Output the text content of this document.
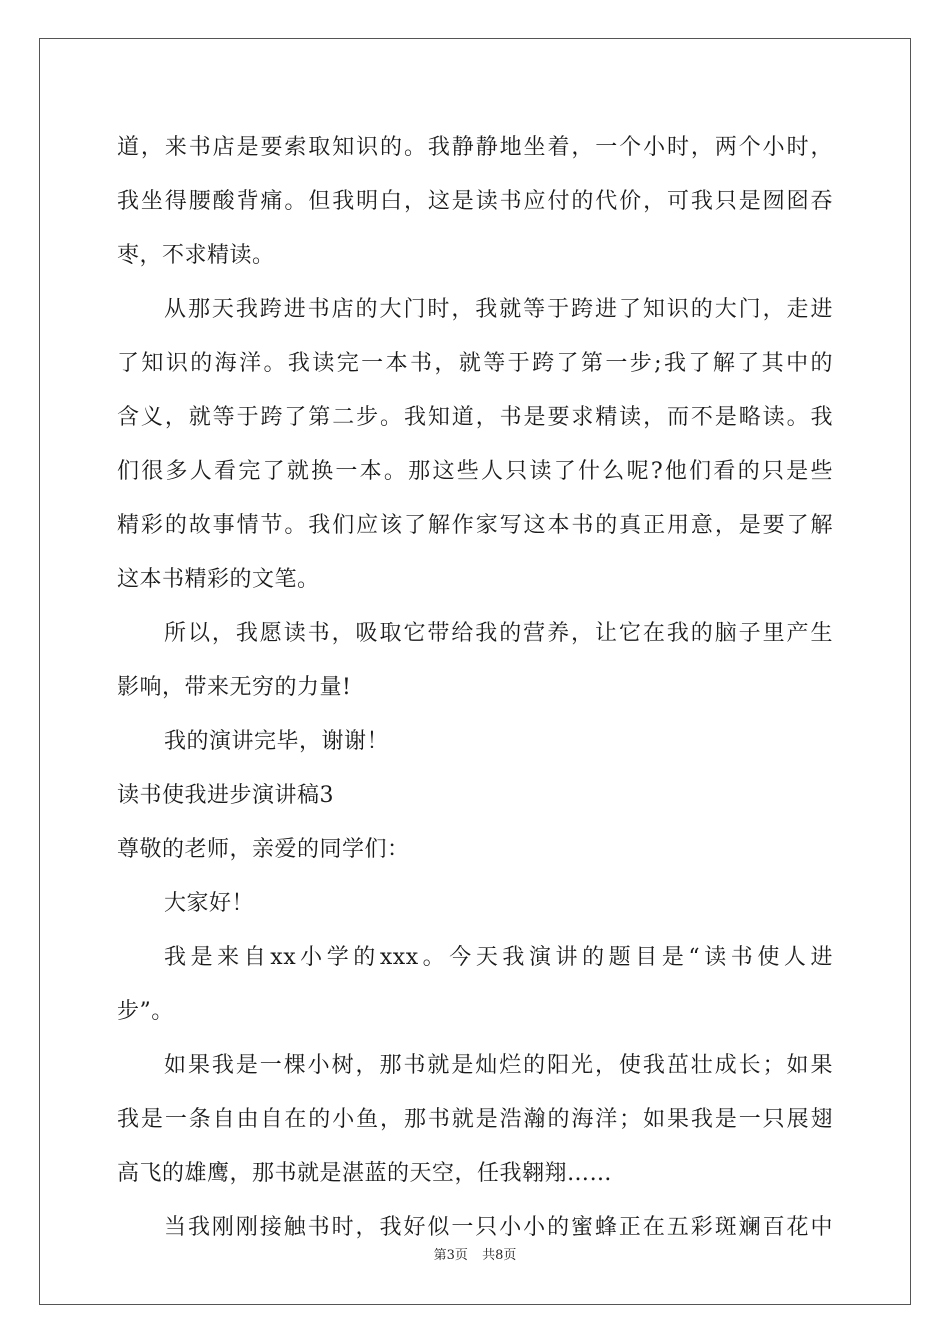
道，来书店是要索取知识的。我静静地坐着，一个小时，两个小时，
我坐得腰酸背痛。但我明白，这是读书应付的代价，可我只是囫囵吞
枣，不求精读。
从那天我跨进书店的大门时，我就等于跨进了知识的大门，走进
了知识的海洋。我读完一本书，就等于跨了第一步;我了解了其中的
含义，就等于跨了第二步。我知道，书是要求精读，而不是略读。我
们很多人看完了就换一本。那这些人只读了什么呢?他们看的只是些
精彩的故事情节。我们应该了解作家写这本书的真正用意，是要了解
这本书精彩的文笔。
所以，我愿读书，吸取它带给我的营养，让它在我的脑子里产生
影响，带来无穷的力量!
我的演讲完毕，谢谢！
读书使我进步演讲稿3
尊敬的老师，亲爱的同学们：
大家好！
我是来自xx小学的xxx。今天我演讲的题目是“读书使人进
步”。
如果我是一棵小树，那书就是灿烂的阳光，使我茁壮成长；如果
我是一条自由自在的小鱼，那书就是浩瀚的海洋；如果我是一只展翅
高飞的雄鹰，那书就是湛蓝的天空，任我翱翔……
当我刚刚接触书时，我好似一只小小的蜜蜂正在五彩斑斓百花中
第3页 共8页
